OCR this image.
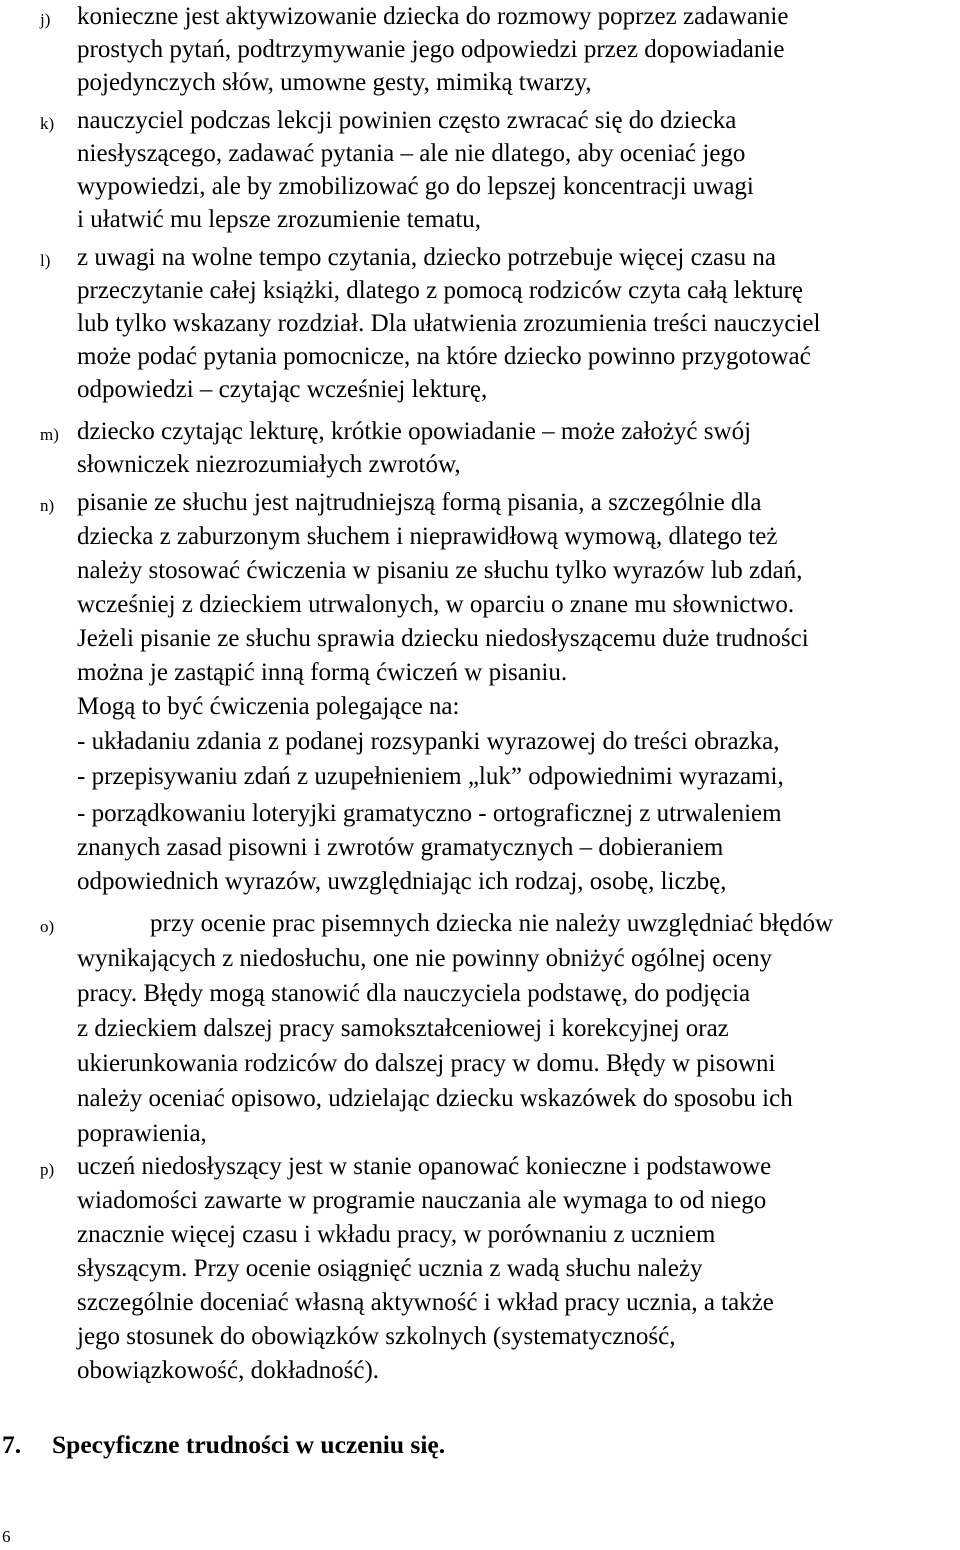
j) konieczne jest aktywizowanie dziecka do rozmowy poprzez zadawanie
prostych pytań, podtrzymywanie jego odpowiedzi przez dopowiadanie
pojedynczych słów, umowne gesty, mimiką twarzy,
k) nauczyciel podczas lekcji powinien często zwracać się do dziecka
niesłyszącego, zadawać pytania – ale nie dlatego, aby oceniać jego
wypowiedzi, ale by zmobilizować go do lepszej koncentracji uwagi
i ułatwić mu lepsze zrozumienie tematu,
l) z uwagi na wolne tempo czytania, dziecko potrzebuje więcej czasu na
przeczytanie całej książki, dlatego z pomocą rodziców czyta całą lekturę
lub tylko wskazany rozdział. Dla ułatwienia zrozumienia treści nauczyciel
może podać pytania pomocnicze, na które dziecko powinno przygotować
odpowiedzi – czytając wcześniej lekturę,
m) dziecko czytając lekturę, krótkie opowiadanie – może założyć swój
słowniczek niezrozumiałych zwrotów,
n) pisanie ze słuchu jest najtrudniejszą formą pisania, a szczególnie dla
dziecka z zaburzonym słuchem i nieprawidłową wymową, dlatego też
należy stosować ćwiczenia w pisaniu ze słuchu tylko wyrazów lub zdań,
wcześniej z dzieckiem utrwalonych, w oparciu o znane mu słownictwo.
Jeżeli pisanie ze słuchu sprawia dziecku niedosłyszącemu duże trudności
można je zastąpić inną formą ćwiczeń w pisaniu.
Mogą to być ćwiczenia polegające na:
- układaniu zdania z podanej rozsypanki wyrazowej do treści obrazka,
- przepisywaniu zdań z uzupełnieniem „luk” odpowiednimi wyrazami,
- porządkowaniu loteryjki gramatyczno - ortograficznej z utrwaleniem
znanych zasad pisowni i zwrotów gramatycznych – dobieraniem
odpowiednich wyrazów, uwzględniając ich rodzaj, osobę, liczbę,
o)	przy ocenie prac pisemnych dziecka nie należy uwzględniać błędów
wynikających z niedosłuchu, one nie powinny obniżyć ogólnej oceny
pracy. Błędy mogą stanowić dla nauczyciela podstawę, do podjęcia
z dzieckiem dalszej pracy samokształceniowej i korekcyjnej oraz
ukierunkowania rodziców do dalszej pracy w domu. Błędy w pisowni
należy oceniać opisowo, udzielając dziecku wskazówek do sposobu ich
poprawienia,
p) uczeń niedosłyszący jest w stanie opanować konieczne i podstawowe
wiadomości zawarte w programie nauczania ale wymaga to od niego
znacznie więcej czasu i wkładu pracy, w porównaniu z uczniem
słyszącym. Przy ocenie osiągnięć ucznia z wadą słuchu należy
szczególnie doceniać własną aktywność i wkład pracy ucznia, a także
jego stosunek do obowiązków szkolnych (systematyczność,
obowiązkowość, dokładność).
7. Specyficzne trudności w uczeniu się.
6
